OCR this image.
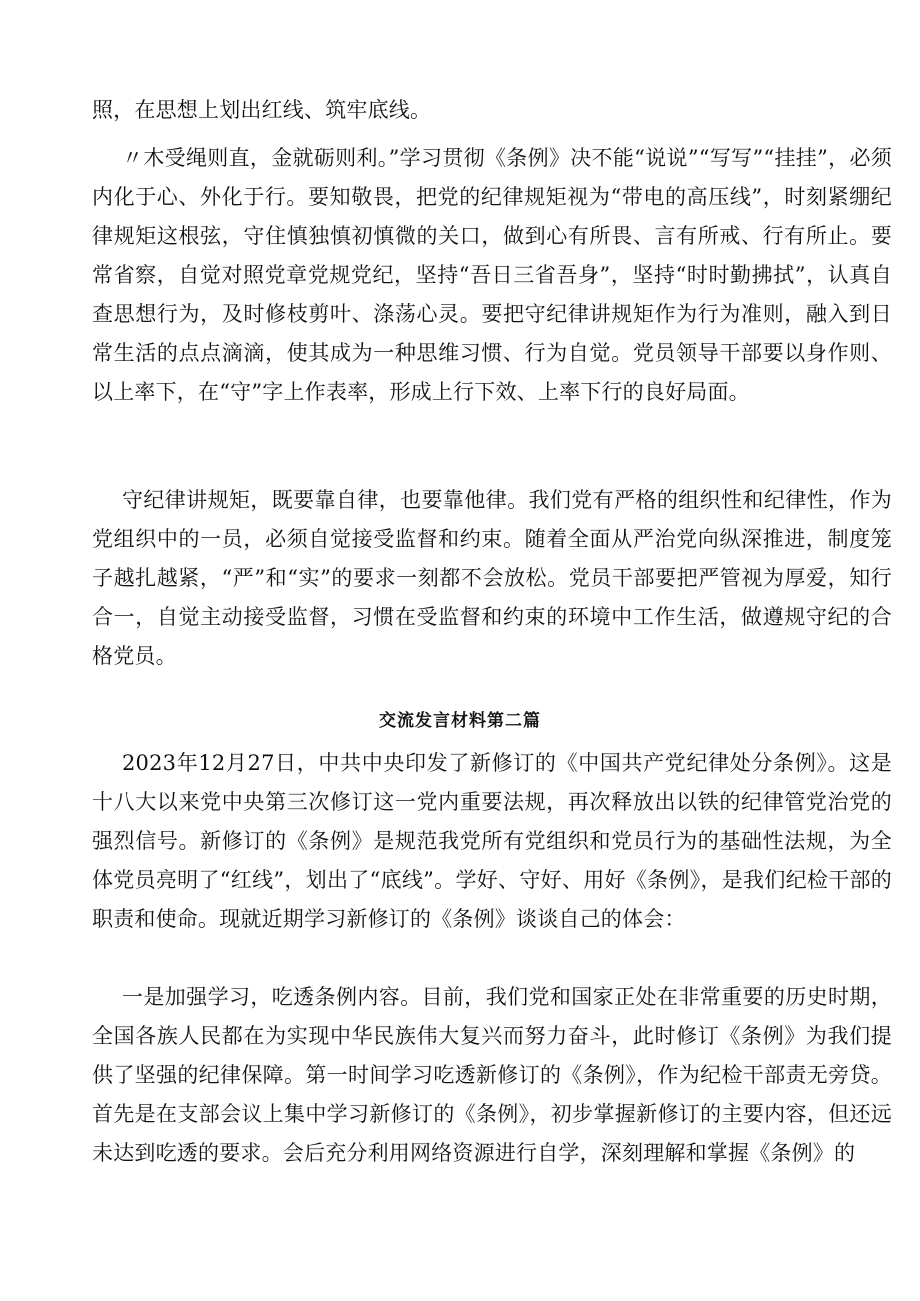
照，在思想上划出红线、筑牢底线。

〃木受绳则直，金就砺则利。”学习贯彻《条例》决不能“说说”“写写”“挂挂”，必须内化于心、外化于行。要知敬畏，把党的纪律规矩视为“带电的高压线”，时刻紧绷纪律规矩这根弦，守住慎独慎初慎微的关口，做到心有所畏、言有所戒、行有所止。要常省察，自觉对照党章党规党纪，坚持“吾日三省吾身”，坚持“时时勤拂拭”，认真自查思想行为，及时修枝剪叶、涤荡心灵。要把守纪律讲规矩作为行为准则，融入到日常生活的点点滴滴，使其成为一种思维习惯、行为自觉。党员领导干部要以身作则、以上率下，在“守”字上作表率，形成上行下效、上率下行的良好局面。

守纪律讲规矩，既要靠自律，也要靠他律。我们党有严格的组织性和纪律性，作为党组织中的一员，必须自觉接受监督和约束。随着全面从严治党向纵深推进，制度笼子越扎越紧，“严”和“实”的要求一刻都不会放松。党员干部要把严管视为厚爱，知行合一，自觉主动接受监督，习惯在受监督和约束的环境中工作生活，做遵规守纪的合格党员。

交流发言材料第二篇

2023年12月27日，中共中央印发了新修订的《中国共产党纪律处分条例》。这是十八大以来党中央第三次修订这一党内重要法规，再次释放出以铁的纪律管党治党的强烈信号。新修订的《条例》是规范我党所有党组织和党员行为的基础性法规，为全体党员亮明了“红线”，划出了“底线”。学好、守好、用好《条例》，是我们纪检干部的职责和使命。现就近期学习新修订的《条例》谈谈自己的体会：

一是加强学习，吃透条例内容。目前，我们党和国家正处在非常重要的历史时期，全国各族人民都在为实现中华民族伟大复兴而努力奋斗，此时修订《条例》为我们提供了坚强的纪律保障。第一时间学习吃透新修订的《条例》，作为纪检干部责无旁贷。首先是在支部会议上集中学习新修订的《条例》，初步掌握新修订的主要内容，但还远未达到吃透的要求。会后充分利用网络资源进行自学，深刻理解和掌握《条例》的
